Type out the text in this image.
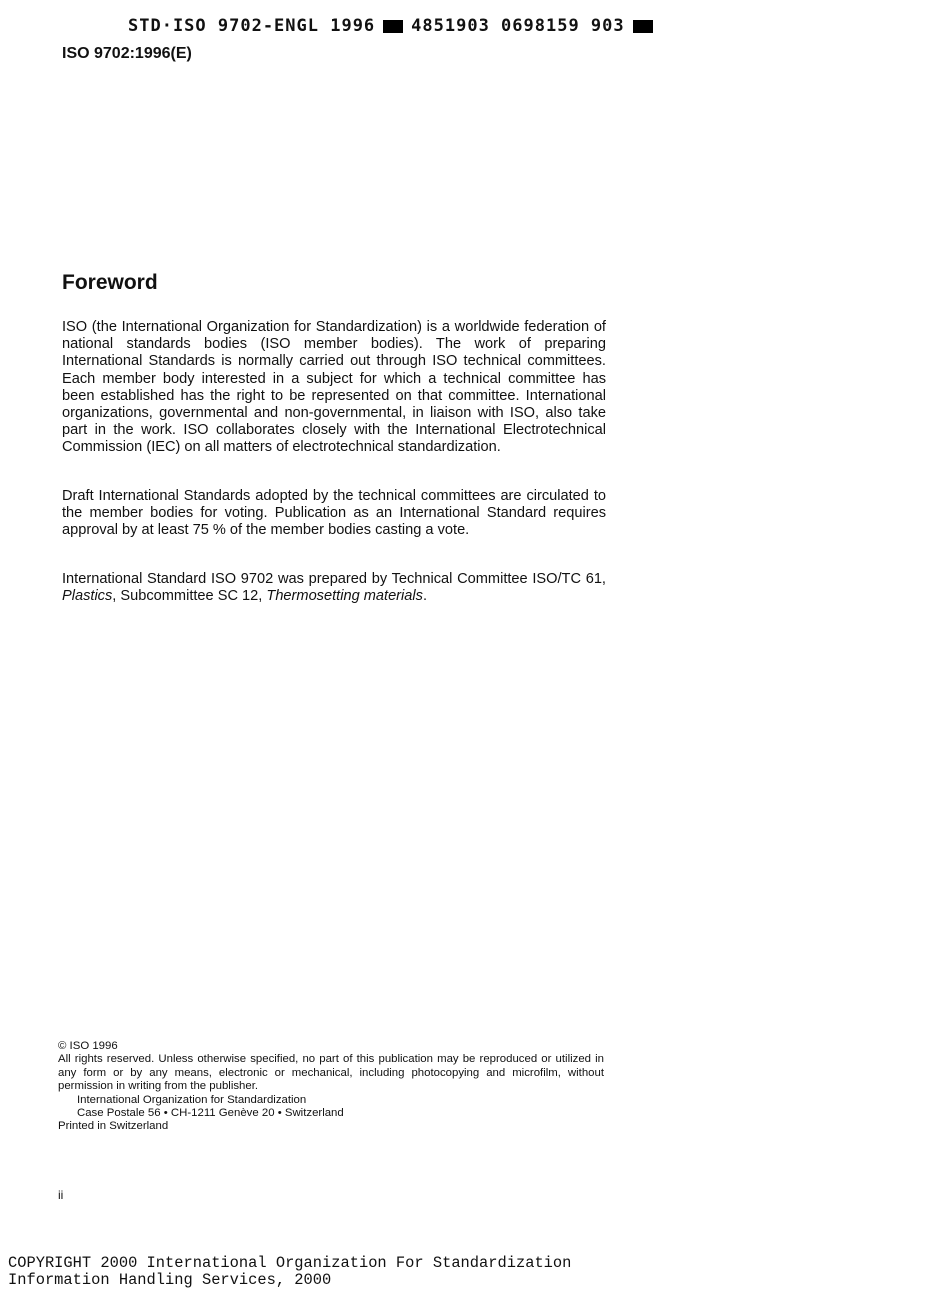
STD·ISO 9702-ENGL 1996 4851903 0698159 903
ISO 9702:1996(E)
Foreword

ISO (the International Organization for Standardization) is a worldwide federation of national standards bodies (ISO member bodies). The work of preparing International Standards is normally carried out through ISO technical committees. Each member body interested in a subject for which a technical committee has been established has the right to be represented on that committee. International organizations, governmental and non-governmental, in liaison with ISO, also take part in the work. ISO collaborates closely with the International Electrotechnical Commission (IEC) on all matters of electrotechnical standardization.

Draft International Standards adopted by the technical committees are circulated to the member bodies for voting. Publication as an International Standard requires approval by at least 75 % of the member bodies casting a vote.

International Standard ISO 9702 was prepared by Technical Committee ISO/TC 61, Plastics, Subcommittee SC 12, Thermosetting materials.

© ISO 1996
All rights reserved. Unless otherwise specified, no part of this publication may be reproduced or utilized in any form or by any means, electronic or mechanical, including photocopying and microfilm, without permission in writing from the publisher.
International Organization for Standardization
Case Postale 56 • CH-1211 Genève 20 • Switzerland
Printed in Switzerland
ii
COPYRIGHT 2000 International Organization For Standardization
Information Handling Services, 2000
